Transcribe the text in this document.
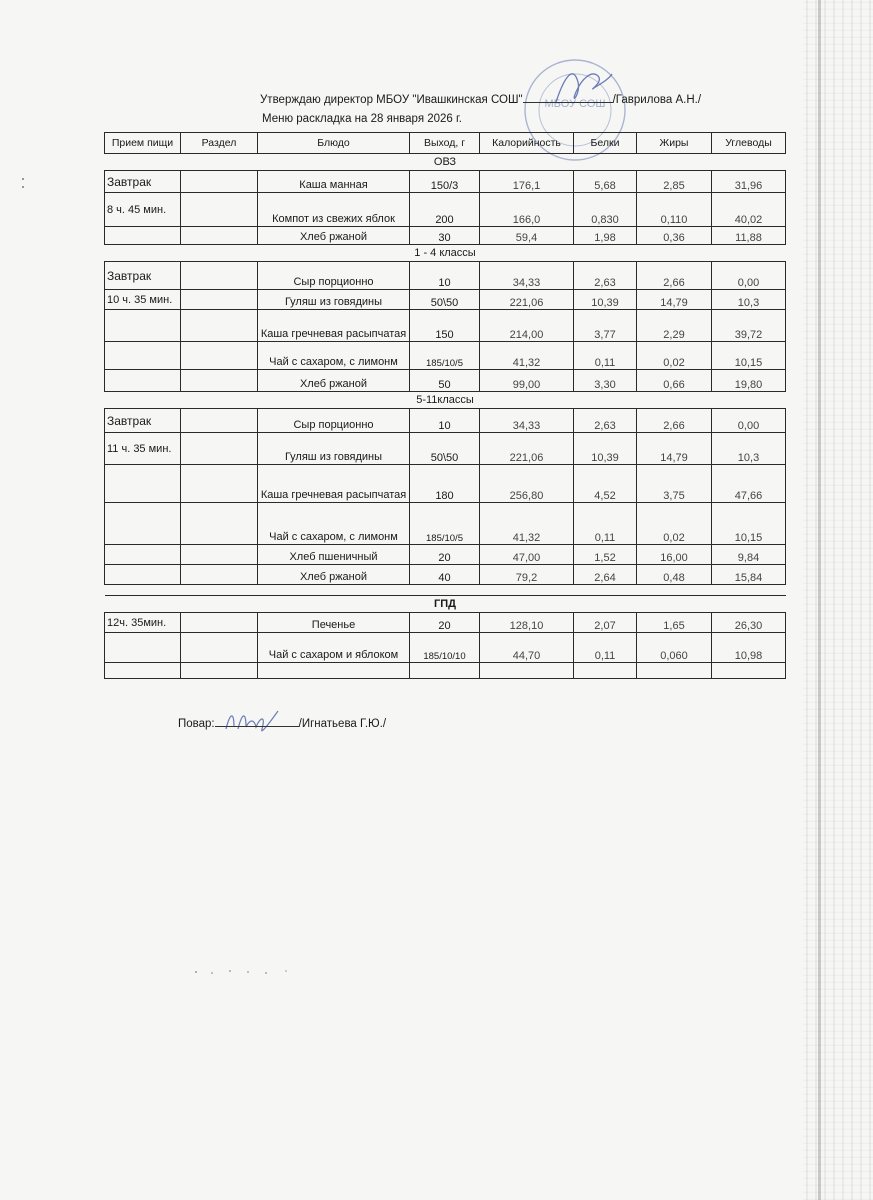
МБОУ СОШ
Утверждаю директор МБОУ "Ивашкинская СОШ"	/Гаврилова А.Н./
Меню раскладка на 28 января 2026 г.
Прием пищи	Раздел	Блюдо	Выход, г	Калорийность	Белки	Жиры	Углеводы
ОВЗ							
Завтрак		Каша манная	150/3	176,1	5,68	2,85	31,96
8 ч. 45 мин.		Компот из свежих яблок	200	166,0	0,830	0,110	40,02
		Хлеб ржаной	30	59,4	1,98	0,36	11,88
1 - 4 классы							
Завтрак		Сыр порционно	10	34,33	2,63	2,66	0,00
10 ч. 35 мин.		Гуляш из говядины	50\50	221,06	10,39	14,79	10,3
		Каша гречневая расыпчатая	150	214,00	3,77	2,29	39,72
		Чай с сахаром, с лимонм	185/10/5	41,32	0,11	0,02	10,15
		Хлеб ржаной	50	99,00	3,30	0,66	19,80
5-11классы							
Завтрак		Сыр порционно	10	34,33	2,63	2,66	0,00
11 ч. 35 мин.		Гуляш из говядины	50\50	221,06	10,39	14,79	10,3
		Каша гречневая расыпчатая	180	256,80	4,52	3,75	47,66
		Чай с сахаром, с лимонм	185/10/5	41,32	0,11	0,02	10,15
		Хлеб пшеничный	20	47,00	1,52	16,00	9,84
		Хлеб ржаной	40	79,2	2,64	0,48	15,84

ГПД							
12ч. 35мин.		Печенье	20	128,10	2,07	1,65	26,30
		Чай с сахаром и яблоком	185/10/10	44,70	0,11	0,060	10,98

Повар:	/Игнатьева Г.Ю./
